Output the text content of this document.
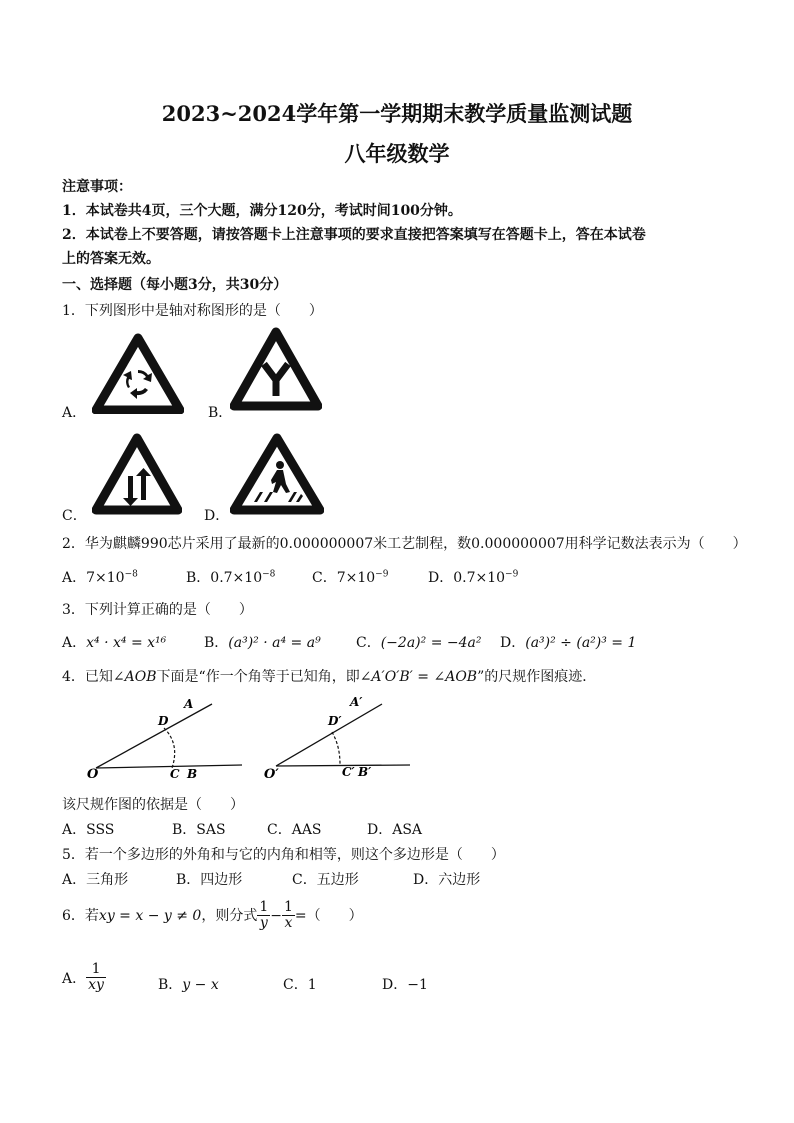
2023~2024学年第一学期期末教学质量监测试题
八年级数学
注意事项：
1．本试卷共4页，三个大题，满分120分，考试时间100分钟。
2．本试卷上不要答题，请按答题卡上注意事项的要求直接把答案填写在答题卡上，答在本试卷
上的答案无效。
一、选择题（每小题3分，共30分）
1．下列图形中是轴对称图形的是（　　）
A．	B．
C．	D．
2．华为麒麟990芯片采用了最新的0.000000007米工艺制程，数0.000000007用科学记数法表示为（　　）
A．$7\times 10^{-8}$	B．$0.7\times 10^{-8}$	C．$7\times 10^{-9}$	D．$0.7\times 10^{-9}$
3．下列计算正确的是（　　）
A．x⁴ · x⁴ = x¹⁶	B．(a³)² · a⁴ = a⁹	C．(−2a)² = −4a² D．(a³)² ÷ (a²)³ = 1
4．已知∠AOB下面是“作一个角等于已知角，即∠A′O′B′ = ∠AOB”的尺规作图痕迹．
O
A
D
C B	O′
A′
D′
C′ B′
该尺规作图的依据是（　　）
A．SSS	B．SAS	C．AAS	D．ASA
5．若一个多边形的外角和与它的内角和相等，则这个多边形是（　　）
A．三角形	B．四边形	C．五边形	D．六边形
6．若xy = x − y ≠ 0，则分式 $\frac{1}{y} - \frac{1}{x}$ =（　　）
A． $\frac{1}{xy}$	B．y − x	C．1	D．−1
